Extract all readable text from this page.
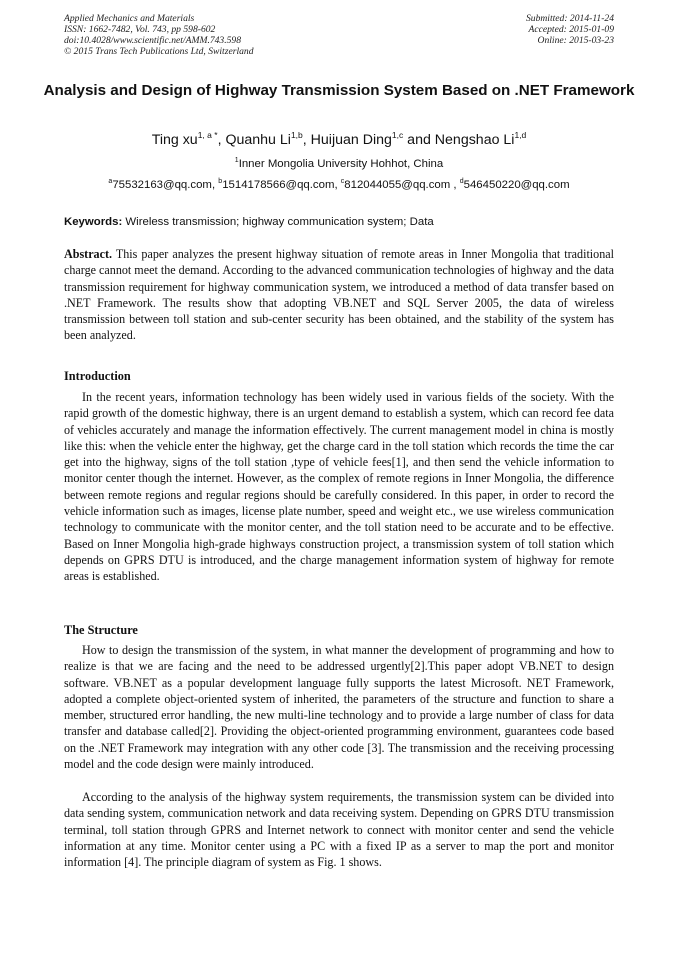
Applied Mechanics and Materials
ISSN: 1662-7482, Vol. 743, pp 598-602
doi:10.4028/www.scientific.net/AMM.743.598
© 2015 Trans Tech Publications Ltd, Switzerland
Submitted: 2014-11-24
Accepted: 2015-01-09
Online: 2015-03-23
Analysis and Design of Highway Transmission System Based on .NET Framework
Ting $xu^{1, a *}$, Quanhu Li$^{1,b}$, Huijuan Ding$^{1,c}$ and Nengshao Li$^{1,d}$
$^1$Inner Mongolia University Hohhot, China
$^a$75532163@qq.com, $^b$1514178566@qq.com, $^c$812044055@qq.com , $^d$546450220@qq.com
Keywords: Wireless transmission; highway communication system; Data
Abstract. This paper analyzes the present highway situation of remote areas in Inner Mongolia that traditional charge cannot meet the demand. According to the advanced communication technologies of highway and the data transmission requirement for highway communication system, we introduced a method of data transfer based on .NET Framework. The results show that adopting VB.NET and SQL Server 2005, the data of wireless transmission between toll station and sub-center security has been obtained, and the stability of the system has been analyzed.
Introduction
In the recent years, information technology has been widely used in various fields of the society. With the rapid growth of the domestic highway, there is an urgent demand to establish a system, which can record fee data of vehicles accurately and manage the information effectively. The current management model in china is mostly like this: when the vehicle enter the highway, get the charge card in the toll station which records the time the car get into the highway, signs of the toll station ,type of vehicle fees[1], and then send the vehicle information to monitor center though the internet. However, as the complex of remote regions in Inner Mongolia, the difference between remote regions and regular regions should be carefully considered. In this paper, in order to record the vehicle information such as images, license plate number, speed and weight etc., we use wireless communication technology to communicate with the monitor center, and the toll station need to be accurate and to be effective. Based on Inner Mongolia high-grade highways construction project, a transmission system of toll station which depends on GPRS DTU is introduced, and the charge management information system of highway for remote areas is established.
The Structure
How to design the transmission of the system, in what manner the development of programming and how to realize is that we are facing and the need to be addressed urgently[2].This paper adopt VB.NET to design software. VB.NET as a popular development language fully supports the latest Microsoft. NET Framework, adopted a complete object-oriented system of inherited, the parameters of the structure and function to share a member, structured error handling, the new multi-line technology and to provide a large number of class for data transfer and database called[2]. Providing the object-oriented programming environment, guarantees code based on the .NET Framework may integration with any other code [3]. The transmission and the receiving processing model and the code design were mainly introduced.
According to the analysis of the highway system requirements, the transmission system can be divided into data sending system, communication network and data receiving system. Depending on GPRS DTU transmission terminal, toll station through GPRS and Internet network to connect with monitor center and send the vehicle information at any time. Monitor center using a PC with a fixed IP as a server to map the port and monitor information [4]. The principle diagram of system as Fig. 1 shows.
